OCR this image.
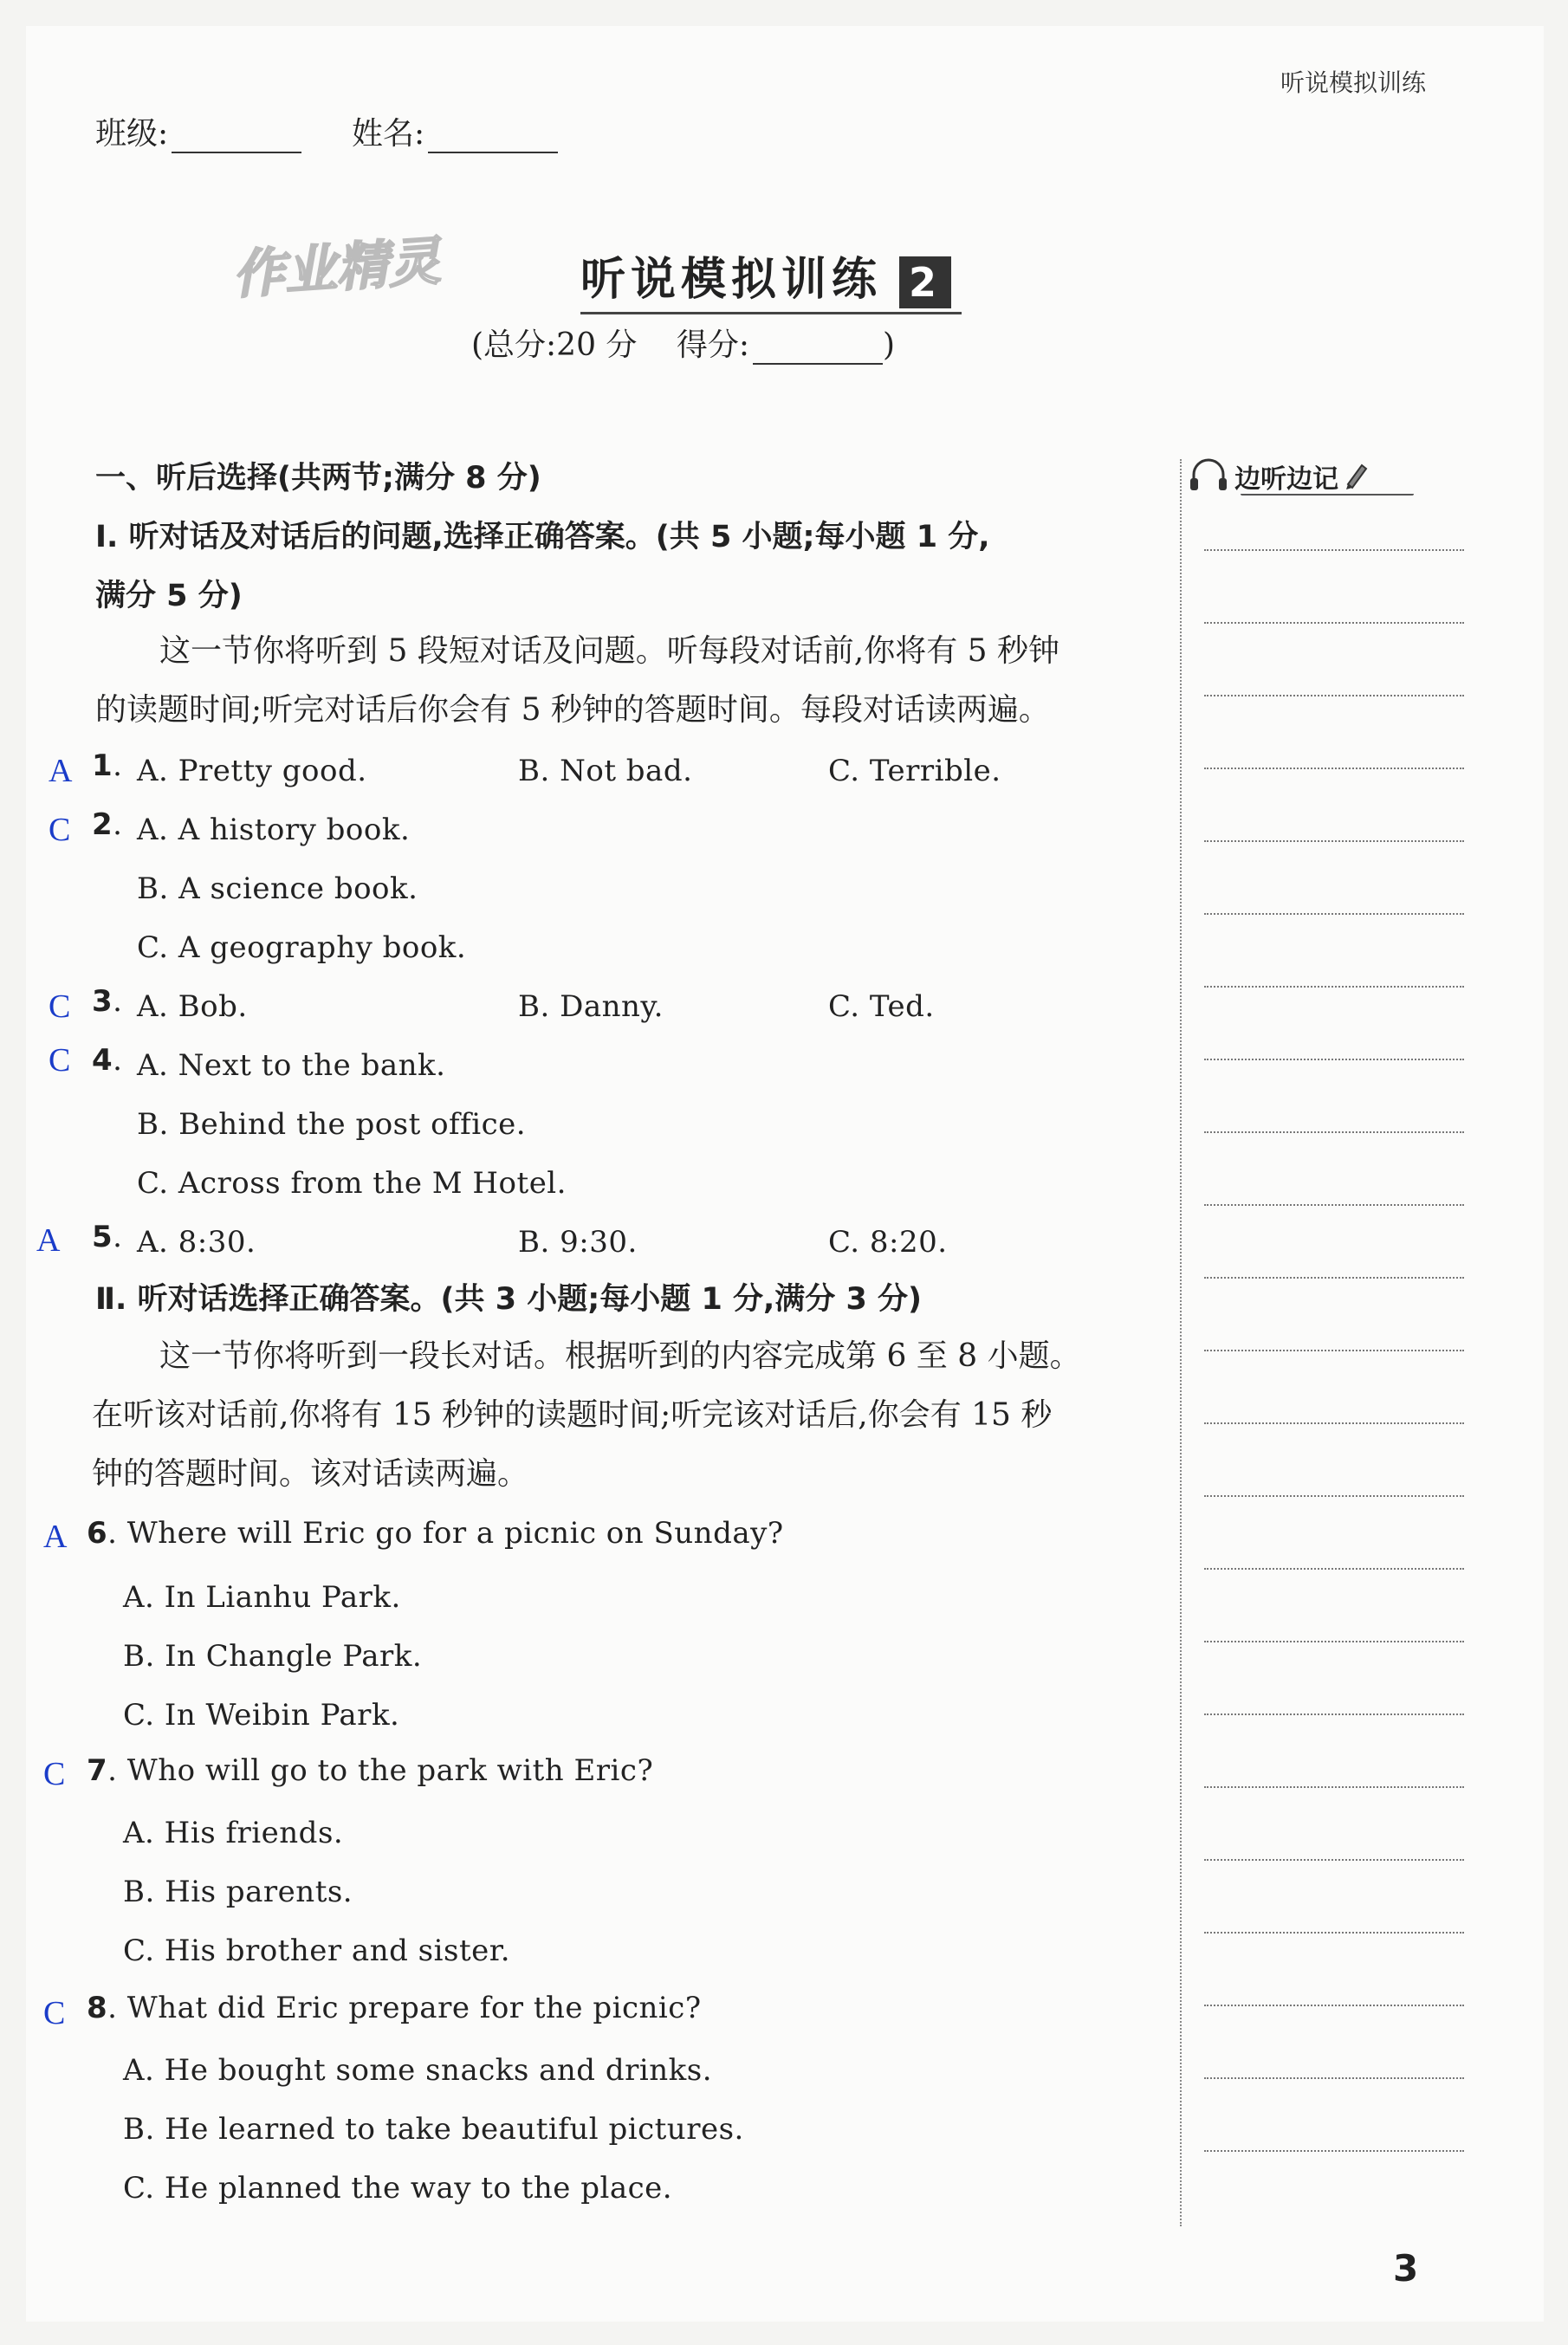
听说模拟训练
班级:	姓名:
作业精灵	听说模拟训练 2
(总分:20 分 得分:	)
一、听后选择(共两节;满分 8 分)
Ⅰ. 听对话及对话后的问题,选择正确答案。(共 5 小题;每小题 1 分,
满分 5 分)
这一节你将听到 5 段短对话及问题。听每段对话前,你将有 5 秒钟
的读题时间;听完对话后你会有 5 秒钟的答题时间。每段对话读两遍。
A 1. A. Pretty good.	B. Not bad.	C. Terrible.
C 2. A. A history book.
B. A science book.
C. A geography book.
C 3. A. Bob.	B. Danny.	C. Ted.
C 4. A. Next to the bank.
B. Behind the post office.
C. Across from the M Hotel.
A 5. A. 8:30.	B. 9:30.	C. 8:20.
Ⅱ. 听对话选择正确答案。(共 3 小题;每小题 1 分,满分 3 分)
这一节你将听到一段长对话。根据听到的内容完成第 6 至 8 小题。
在听该对话前,你将有 15 秒钟的读题时间;听完该对话后,你会有 15 秒
钟的答题时间。该对话读两遍。
A 6. Where will Eric go for a picnic on Sunday?
A. In Lianhu Park.
B. In Changle Park.
C. In Weibin Park.
C 7. Who will go to the park with Eric?
A. His friends.
B. His parents.
C. His brother and sister.
C 8. What did Eric prepare for the picnic?
A. He bought some snacks and drinks.
B. He learned to take beautiful pictures.
C. He planned the way to the place.
边听边记
3
